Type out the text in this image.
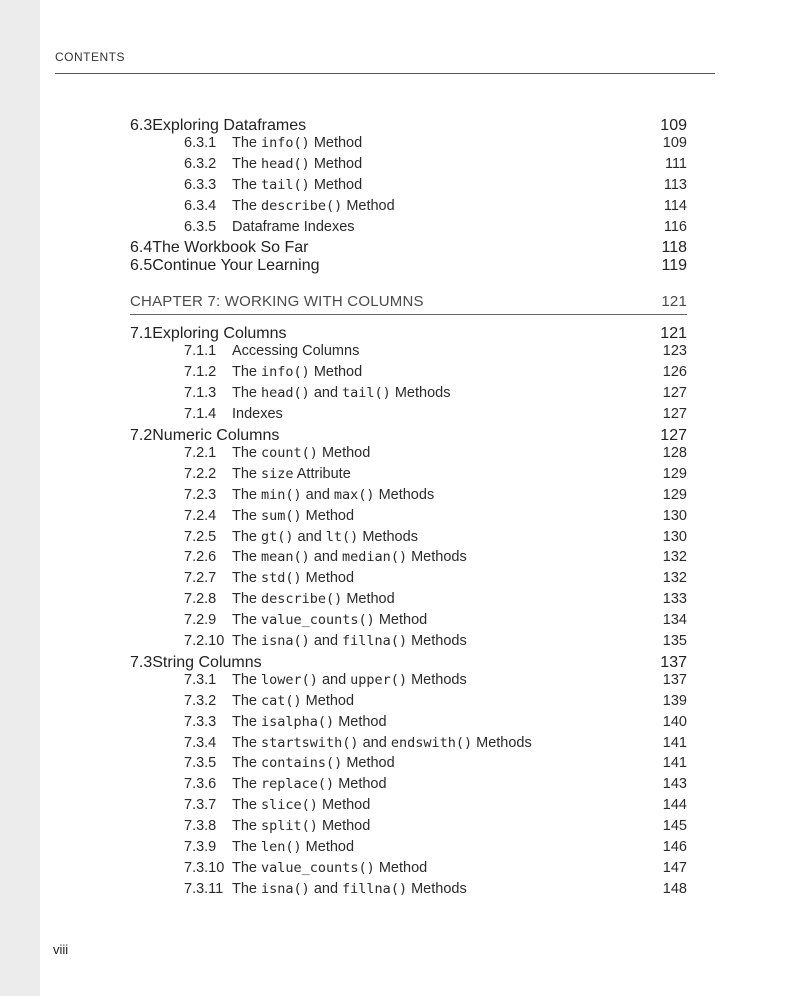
CONTENTS
6.3 Exploring Dataframes	109
6.3.1	The info() Method	109
6.3.2	The head() Method	111
6.3.3	The tail() Method	113
6.3.4	The describe() Method	114
6.3.5	Dataframe Indexes	116
6.4 The Workbook So Far	118
6.5 Continue Your Learning	119
CHAPTER 7: WORKING WITH COLUMNS	121
7.1 Exploring Columns	121
7.1.1	Accessing Columns	123
7.1.2	The info() Method	126
7.1.3	The head() and tail() Methods	127
7.1.4	Indexes	127
7.2 Numeric Columns	127
7.2.1	The count() Method	128
7.2.2	The size Attribute	129
7.2.3	The min() and max() Methods	129
7.2.4	The sum() Method	130
7.2.5	The gt() and lt() Methods	130
7.2.6	The mean() and median() Methods	132
7.2.7	The std() Method	132
7.2.8	The describe() Method	133
7.2.9	The value_counts() Method	134
7.2.10 The isna() and fillna() Methods	135
7.3 String Columns	137
7.3.1	The lower() and upper() Methods	137
7.3.2	The cat() Method	139
7.3.3	The isalpha() Method	140
7.3.4	The startswith() and endswith() Methods	141
7.3.5	The contains() Method	141
7.3.6	The replace() Method	143
7.3.7	The slice() Method	144
7.3.8	The split() Method	145
7.3.9	The len() Method	146
7.3.10 The value_counts() Method	147
7.3.11 The isna() and fillna() Methods	148
viii
